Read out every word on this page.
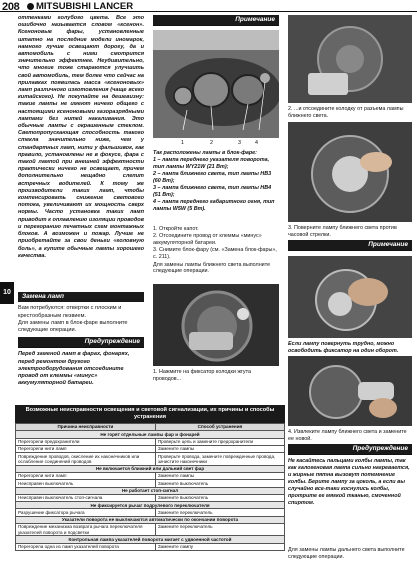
208 MITSUBISHI LANCER

оттенками голубого цвета. Все это ошибочно называется словом «ксенон». Ксеноновые фары, установленные штатно на последние модели иномарок, намного лучше освещают дорогу, да и автомобиль с ними смотрится значительно эффектнее. Неудивительно, что многие тоже стараются улучшить свой автомобиль, тем более что сейчас на прилавках появилась масса «ксеноновых» ламп различного изготовления (чаще всего китайского). Не покупайте на дешевизну: такие лампы не имеют ничего общего с настоящими ксеноновыми газоразрядными лампами без нитей накаливания. Это обычные лампы с окрашенным стеклом. Светопропускающая способность такого стекла значительно ниже, чем у стандартных ламп, нити у фальшивок, как правило, установлены не в фокусе, фара с такой лампой при внешней эффектности практически ничего не освещает, причем дополнительно нещадно слепит встречных водителей. К тому же производители таких ламп, чтобы компенсировать снижение светового потока, увеличивают их мощность сверх нормы. Часто установка таких ламп приводит к оплавлению изоляции проводов и перегоранию печатных схем монтажных блоков. А возможен и пожар. Лучше не приобретайте за свои деньги «головную боль», а купите обычные лампы хорошего качества.

10
Замена ламп

Вам потребуются: отвертки с плоским и крестообразным лезвием.

Для замены ламп в блок-фаре выполните следующие операции.

Предупреждение

Перед заменой ламп в фарах, фонарях, перед ремонтом другого электрооборудования отсоедините провод от клеммы «минус» аккумуляторной батареи.

Примечание
1	2	3	4

Так расположены лампы в блок-фаре:

1 – лампа переднего указателя поворота, тип лампы WY21W (21 Вт);

2 – лампа ближнего света, тип лампы HB3 (60 Вт);

3 – лампа ближнего света, тип лампы HB4 (51 Вт);

4 – лампа переднего габаритного огня, тип лампы W5W (5 Вт).

1. Откройте капот.

2. Отсоедините провод от клеммы «минус» аккумуляторной батареи.

3. Снимите блок-фару (см. «Замена блок-фары», с. 211).

Для замены лампы ближнего света выполните следующие операции.

1. Нажмите на фиксатор колодки жгута проводов...

2. ...и отсоедините колодку от разъема лампы ближнего света.

3. Поверните лампу ближнего света против часовой стрелки.

Примечание

Если лампу повернуть трудно, можно освободить фиксатор на один оборот.

4. Извлеките лампу ближнего света и замените ее новой.

Предупреждение

Не касайтесь пальцами колбы лампы, так как галогеновая лампа сильно нагревается, и жирные пятна вызовут потемнение колбы. Берите лампу за цоколь, а если вы случайно все-таки коснулись колбы, протрите ее мягкой тканью, смоченной спиртом.

Для замены лампы дальнего света выполните следующие операции.

Возможные неисправности освещения и световой сигнализации, их причины и способы устранения
Причина неисправности	Способ устранения
Не горят отдельные лампы фар и фонарей	
Перегорели предохранители	Проверьте цепь и замените предохранители
Перегорели нити ламп	Замените лампы
Повреждение проводов, окисление их наконечников или ослабление соединений проводов	Проверьте провода, замените поврежденные провода, зачистите наконечники
Не включается ближний или дальний свет фар	
Перегорели нити ламп	Замените лампы
Неисправен выключатель	Замените выключатель
Не работает стоп-сигнал	
Неисправен выключатель стоп-сигнала	Замените выключатель
Не фиксируется рычаг подрулевого переключателя	
Разрушение фиксатора рычага	Замените переключатель
Указатели поворота не выключаются автоматически по окончании поворота	
Повреждение механизма возврата рычага переключателя указателей поворота и подсветки	Замените переключатель
Контрольная лампа указателей поворота мигает с удвоенной частотой	
Перегорела одна из ламп указателей поворота	Замените лампу
